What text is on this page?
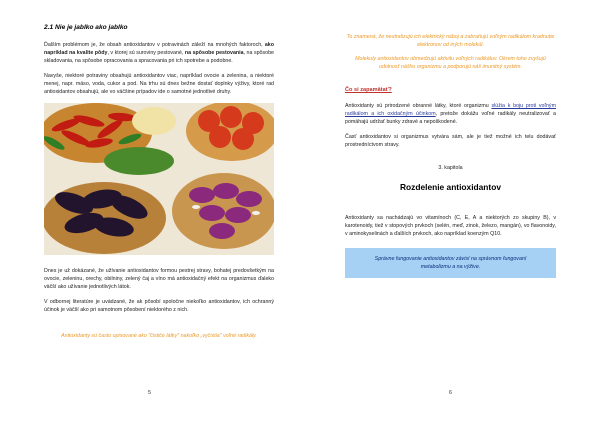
2.1 Nie je jablko ako jablko

Ďalším problémom je, že obsah antioxidantov v potravinách záleží na mnohých faktoroch, ako napríklad na kvalite pôdy, v ktorej sú suroviny pestované, na spôsobe pestovania, na spôsobe skladovania, na spôsobe opracovania a spracovania pri ich spotrebe a podobne.

Navyše, niektoré potraviny obsahujú antioxidantov viac, napríklad ovocie a zelenina, a niektoré menej, napr. mäso, voda, cukor a pod. Na trhu sú dnes bežne dostať doplnky výživy, ktoré rad antioxidantov obsahujú, ale vo väčšine prípadov ide o samotné jednotlivé druhy.

Dnes je už dokázané, že užívanie antioxidantov formou pestrej stravy, bohatej predovšetkým na ovocie, zeleninu, orechy, obilniny, zelený čaj a víno má antioxidačný efekt na organizmus ďaleko väčší ako užívanie jednotlivých látok.

V odbornej literatúre je uvádzané, že ak pôsobí spoločne niekoľko antioxidantov, ich ochranný účinok je väčší ako pri samotnom pôsobení niektorého z nich.

Antioxidanty sú často opisované ako "čističe látky" nakoľko „vyčistia" voľné radikály.
5
To znamená, že neutralizujú ich elektrický náboj a zabraňujú voľným radikálom kradnutie elektrónov od iných molekúl.
Molekuly antioxidantov obmedzujú aktivitu voľných radikálov. Okrem toho zvyšujú odolnosť nášho organizmu a podporujú náš imunitný systém.
Čo si zapamätať?

Antioxidanty sú prirodzené obranné látky, ktoré organizmu slúžia k boju proti voľným radikálom a ich oxidačným účinkom, pretože dokážu voľné radikály neutralizovať a pomáhajú udržať bunky zdravé a nepoškodené.

Časť antioxidantov si organizmus vytvára sám, ale je tiež možné ich telu dodávať prostredníctvom stravy.

3. kapitola
Rozdelenie antioxidantov

Antioxidanty sa nachádzajú vo vitamínoch (C, E, A a niektorých zo skupiny B), v karotenoidy, tiež v stopových prvkoch (selén, meď, zinok, železo, mangán), vo flavonoidy, v aminokyselinách a ďalších prvkoch, ako napríklad koenzým Q10.

Správne fungovanie antioxidantov závisí na správnom fungovaní
metabolizmu a na výžive.
6
